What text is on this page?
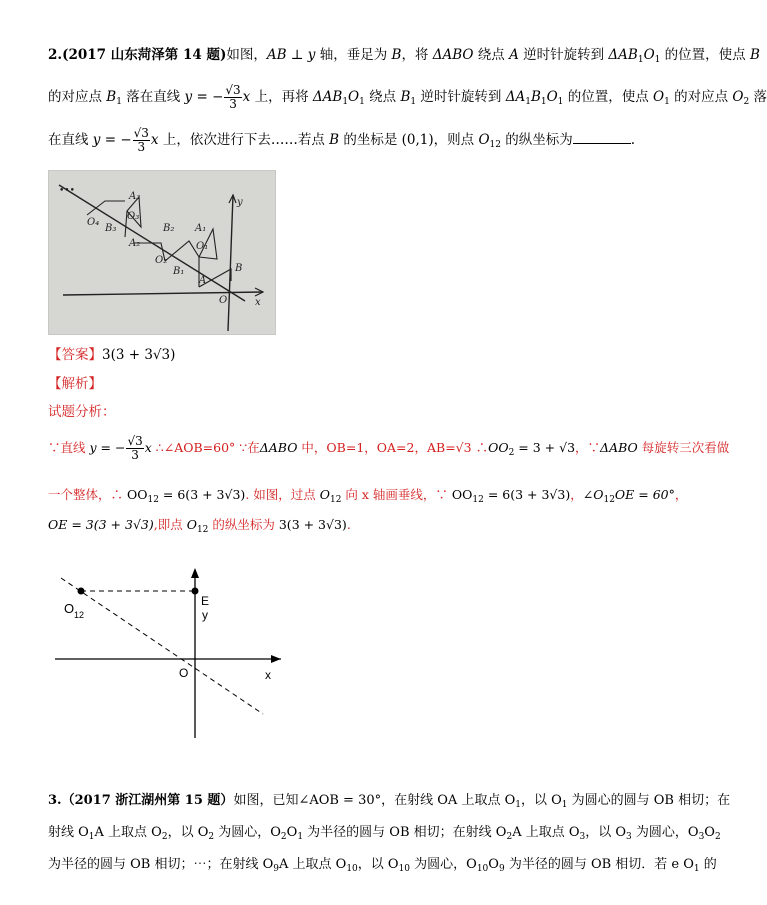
2.(2017 山东菏泽第 14 题)如图，AB ⊥ y 轴，垂足为 B，将 ΔABO 绕点 A 逆时针旋转到 $\Delta AB_1O_1$ 的位置，使点 B
的对应点 $B_1$ 落在直线 y = − $\frac{√3}{3}$ x 上，再将 $\Delta AB_1O_1$ 绕点 $B_1$ 逆时针旋转到 $\Delta A_1B_1O_1$ 的位置，使点 $O_1$ 的对应点 $O_2$ 落
在直线 y = − $\frac{√3}{3}$ x 上，依次进行下去……若点 B 的坐标是 (0,1)，则点 $O_{12}$ 的纵坐标为	.
•••
O₄
B₃
A₃
O₃
A₂
B₂
O₂
B₁
A₁
O₁
A
B
O	x
y
【答案】3(3 + 3√3)
【解析】
试题分析：
∵直线 y = − $\frac{√3}{3}$ x ∴∠AOB=60° ∵在ΔABO 中，OB=1，OA=2，AB=√3 $\therefore OO_2 = 3 + √3$，∵ΔABO 每旋转三次看做
一个整体，∴ $OO_{12} = 6(3 + 3√3)$. 如图，过点 $O_{12}$ 向 x 轴画垂线，∵ $OO_{12} = 6(3 + 3√3)$，$\angle O_{12}OE = 60^\circ$，
OE = 3(3 + 3√3),即点 $O_{12}$ 的纵坐标为 3(3 + 3√3).
O 12
E
y
O	x
3.（2017 浙江湖州第 15 题）如图，已知∠AOB = 30°，在射线 OA 上取点 $O_1$，以 $O_1$ 为圆心的圆与 OB 相切；在
射线 $O_1A$ 上取点 $O_2$，以 $O_2$ 为圆心，$O_2O_1$ 为半径的圆与 OB 相切；在射线 $O_2A$ 上取点 $O_3$，以 $O_3$ 为圆心，$O_3O_2$
为半径的圆与 OB 相切；⋯；在射线 $O_9A$ 上取点 $O_{10}$，以 $O_{10}$ 为圆心，$O_{10}O_9$ 为半径的圆与 OB 相切．若 e $O_1$ 的
